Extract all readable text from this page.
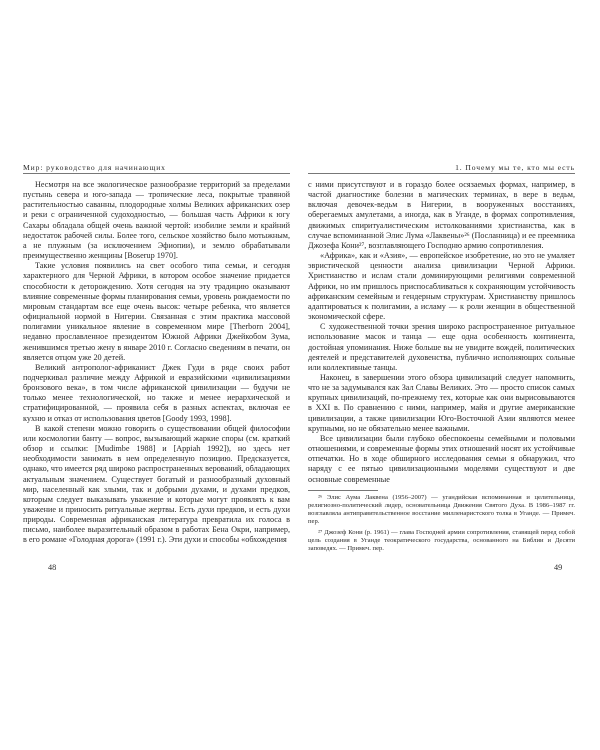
Мир: руководство для начинающих

Несмотря на все экологическое разнообразие территорий за пределами пустынь севера и юго-запада — тропические леса, покрытые травяной растительностью саванны, плодородные холмы Великих африканских озер и реки с ограниченной судоходностью, — большая часть Африки к югу Сахары обладала общей очень важной чертой: изобилие земли и крайний недостаток рабочей силы. Более того, сельское хозяйство было мотыжным, а не плужным (за исключением Эфиопии), и землю обрабатывали преимущественно женщины [Boserup 1970].

Такие условия появились на свет особого типа семьи, и сегодня характерного для Черной Африки, в котором особое значение придается способности к деторождению. Хотя сегодня на эту традицию оказывают влияние современные формы планирования семьи, уровень рождаемости по мировым стандартам все еще очень высок: четыре ребенка, что является официальной нормой в Нигерии. Связанная с этим практика массовой полигамии уникальное явление в современном мире [Therborn 2004], недавно прославленное президентом Южной Африки Джейкобом Зума, женившимся третью жену в январе 2010 г. Согласно сведениям в печати, он является отцом уже 20 детей.

Великий антрополог-африканист Джек Гуди в ряде своих работ подчеркивал различие между Африкой и евразийскими «цивилизациями бронзового века», в том числе африканской цивилизации — будучи не только менее технологической, но также и менее иерархической и стратифицированной, — проявила себя в разных аспектах, включая ее кухню и отказ от использования цветов [Goody 1993, 1998].

В какой степени можно говорить о существовании общей философии или космологии банту — вопрос, вызывающий жаркие споры (см. краткий обзор и ссылки: [Mudimbe 1988] и [Appiah 1992]), но здесь нет необходимости занимать в нем определенную позицию. Предсказуется, однако, что имеется ряд широко распространенных верований, обладающих актуальным значением. Существует богатый и разнообразный духовный мир, населенный как злыми, так и добрыми духами, и духами предков, которым следует выказывать уважение и которые могут проявлять к вам уважение и приносить ритуальные жертвы. Есть духи предков, и есть духи природы. Современная африканская литература превратила их голоса в письмо, наиболее выразительный образом в работах Бена Окри, например, в его романе «Голодная дорога» (1991 г.). Эти духи и способы «обхождения

1. Почему мы те, кто мы есть

с ними присутствуют и в гораздо более осязаемых формах, например, в частой диагностике болезни в магических терминах, в вере в ведьм, включая девочек-ведьм в Нигерии, в вооруженных восстаниях, оберегаемых амулетами, а иногда, как в Уганде, в формах сопротивления, движимых спиритуалистическим истолкованиями христианства, как в случае вспоминанной Элис Лума «Лаквены»²⁶ (Посланница) и ее преемника Джозефа Кони²⁷, возглавляющего Господню армию сопротивления.

«Африка», как и «Азия», — европейское изобретение, но это не умаляет эвристической ценности анализа цивилизации Черной Африки. Христианство и ислам стали доминирующими религиями современной Африки, но им пришлось приспосабливаться к сохраняющим устойчивость африканским семейным и гендерным структурам. Христианству пришлось адаптироваться к полигамии, а исламу — к роли женщин в общественной экономической сфере.

С художественной точки зрения широко распространенное ритуальное использование масок и танца — еще одна особенность континента, достойная упоминания. Ниже больше вы не увидите вождей, политических деятелей и представителей духовенства, публично исполняющих сольные или коллективные танцы.

Наконец, в завершении этого обзора цивилизаций следует напомнить, что не за задумывался как Зал Славы Великих. Это — просто список самых крупных цивилизаций, по-прежнему тех, которые как они вырисовываются в XXI в. По сравнению с ними, например, майя и другие американские цивилизации, а также цивилизации Юго-Восточной Азии являются менее крупными, но не обязательно менее важными.

Все цивилизации были глубоко обеспокоены семейными и половыми отношениями, и современные формы этих отношений носят их устойчивые отпечатки. Но в ходе обширного исследования семьи я обнаружил, что наряду с ее пятью цивилизационными моделями существуют и две основные современные

²⁶ Элис Аума Лаквена (1956–2007) — угандийская вспоминанная и целительница, религиозно-политический лидер, основательница Движения Святого Духа. В 1986–1987 гг. возглавляла антиправительственное восстание милленаристского толка в Уганде. — Примеч. пер.

²⁷ Джозеф Кони (р. 1961) — глава Господней армии сопротивления, ставящей перед собой цель создания в Уганде теократического государства, основанного на Библии и Десяти заповедях. — Примеч. пер.

48	49
